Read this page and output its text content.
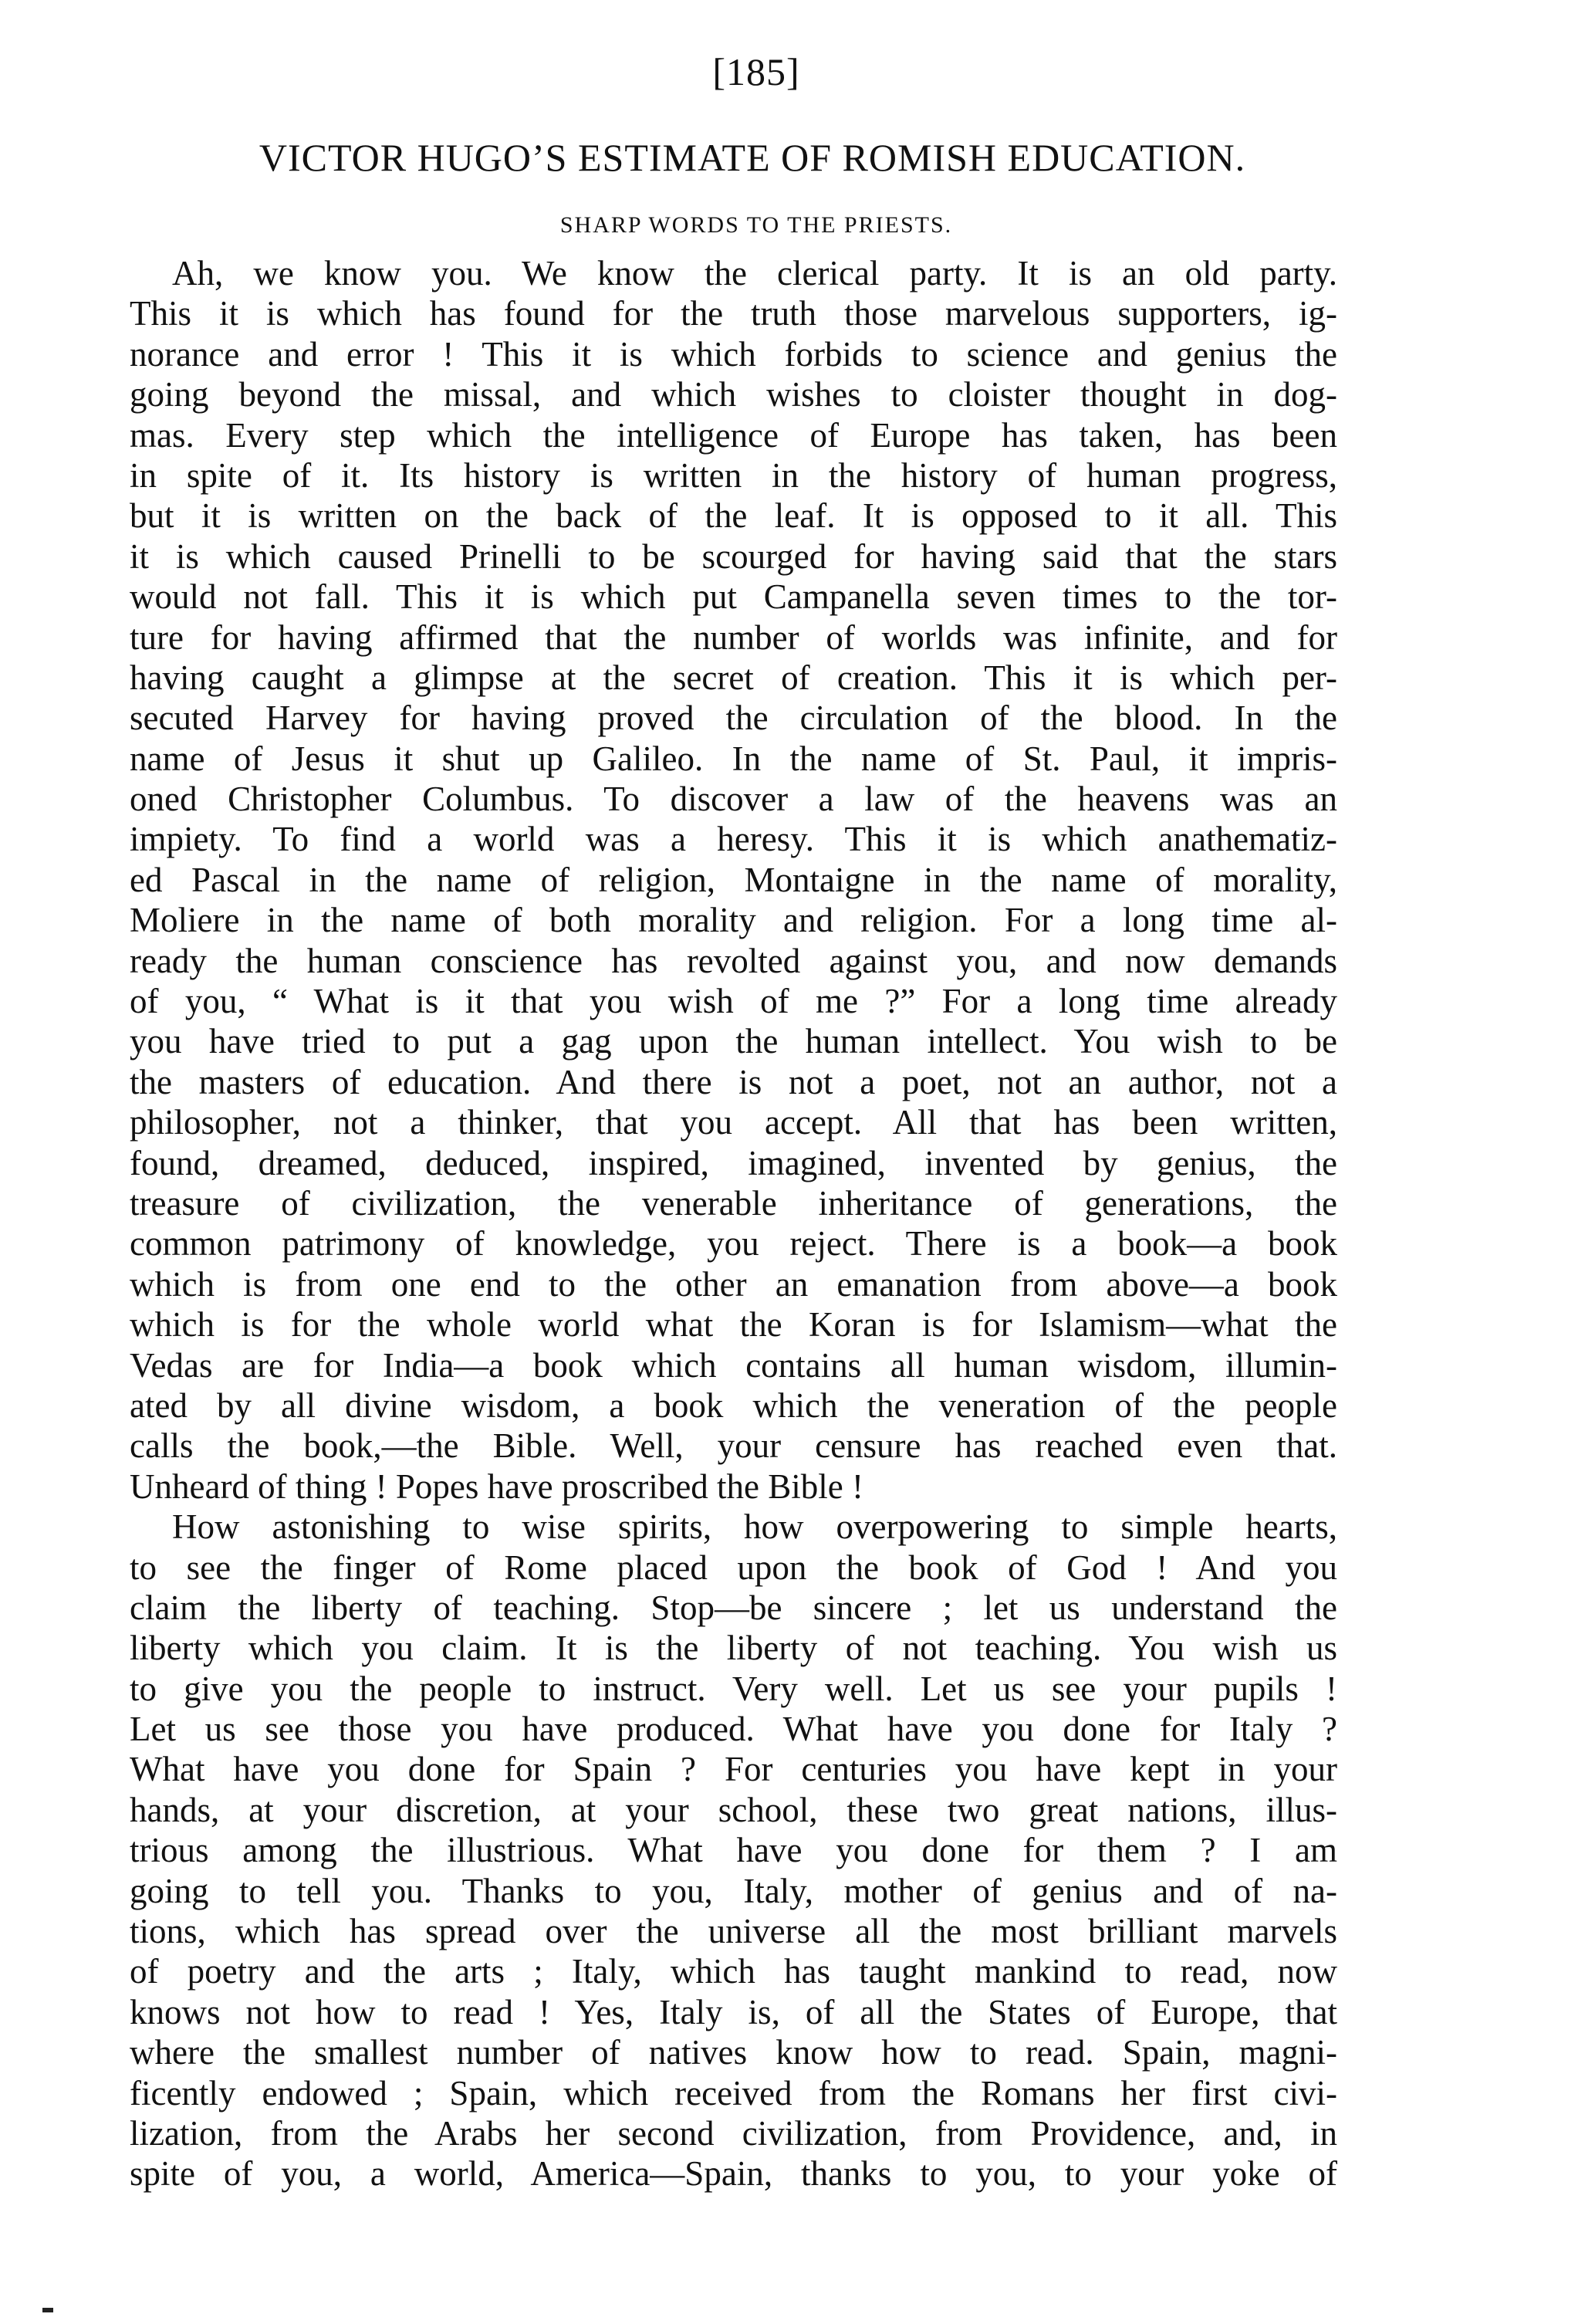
[185]
VICTOR HUGO’S ESTIMATE OF ROMISH EDUCATION.
SHARP WORDS TO THE PRIESTS.
Ah, we know you. We know the clerical party. It is an old party.
This it is which has found for the truth those marvelous supporters, ig-
norance and error ! This it is which forbids to science and genius the
going beyond the missal, and which wishes to cloister thought in dog-
mas. Every step which the intelligence of Europe has taken, has been
in spite of it. Its history is written in the history of human progress,
but it is written on the back of the leaf. It is opposed to it all. This
it is which caused Prinelli to be scourged for having said that the stars
would not fall. This it is which put Campanella seven times to the tor-
ture for having affirmed that the number of worlds was infinite, and for
having caught a glimpse at the secret of creation. This it is which per-
secuted Harvey for having proved the circulation of the blood. In the
name of Jesus it shut up Galileo. In the name of St. Paul, it impris-
oned Christopher Columbus. To discover a law of the heavens was an
impiety. To find a world was a heresy. This it is which anathematiz-
ed Pascal in the name of religion, Montaigne in the name of morality,
Moliere in the name of both morality and religion. For a long time al-
ready the human conscience has revolted against you, and now demands
of you, “ What is it that you wish of me ?” For a long time already
you have tried to put a gag upon the human intellect. You wish to be
the masters of education. And there is not a poet, not an author, not a
philosopher, not a thinker, that you accept. All that has been written,
found, dreamed, deduced, inspired, imagined, invented by genius, the
treasure of civilization, the venerable inheritance of generations, the
common patrimony of knowledge, you reject. There is a book—a book
which is from one end to the other an emanation from above—a book
which is for the whole world what the Koran is for Islamism—what the
Vedas are for India—a book which contains all human wisdom, illumin-
ated by all divine wisdom, a book which the veneration of the people
calls the book,—the Bible. Well, your censure has reached even that.
Unheard of thing ! Popes have proscribed the Bible !
How astonishing to wise spirits, how overpowering to simple hearts,
to see the finger of Rome placed upon the book of God ! And you
claim the liberty of teaching. Stop—be sincere ; let us understand the
liberty which you claim. It is the liberty of not teaching. You wish us
to give you the people to instruct. Very well. Let us see your pupils !
Let us see those you have produced. What have you done for Italy ?
What have you done for Spain ? For centuries you have kept in your
hands, at your discretion, at your school, these two great nations, illus-
trious among the illustrious. What have you done for them ? I am
going to tell you. Thanks to you, Italy, mother of genius and of na-
tions, which has spread over the universe all the most brilliant marvels
of poetry and the arts ; Italy, which has taught mankind to read, now
knows not how to read ! Yes, Italy is, of all the States of Europe, that
where the smallest number of natives know how to read. Spain, magni-
ficently endowed ; Spain, which received from the Romans her first civi-
lization, from the Arabs her second civilization, from Providence, and, in
spite of you, a world, America—Spain, thanks to you, to your yoke of
